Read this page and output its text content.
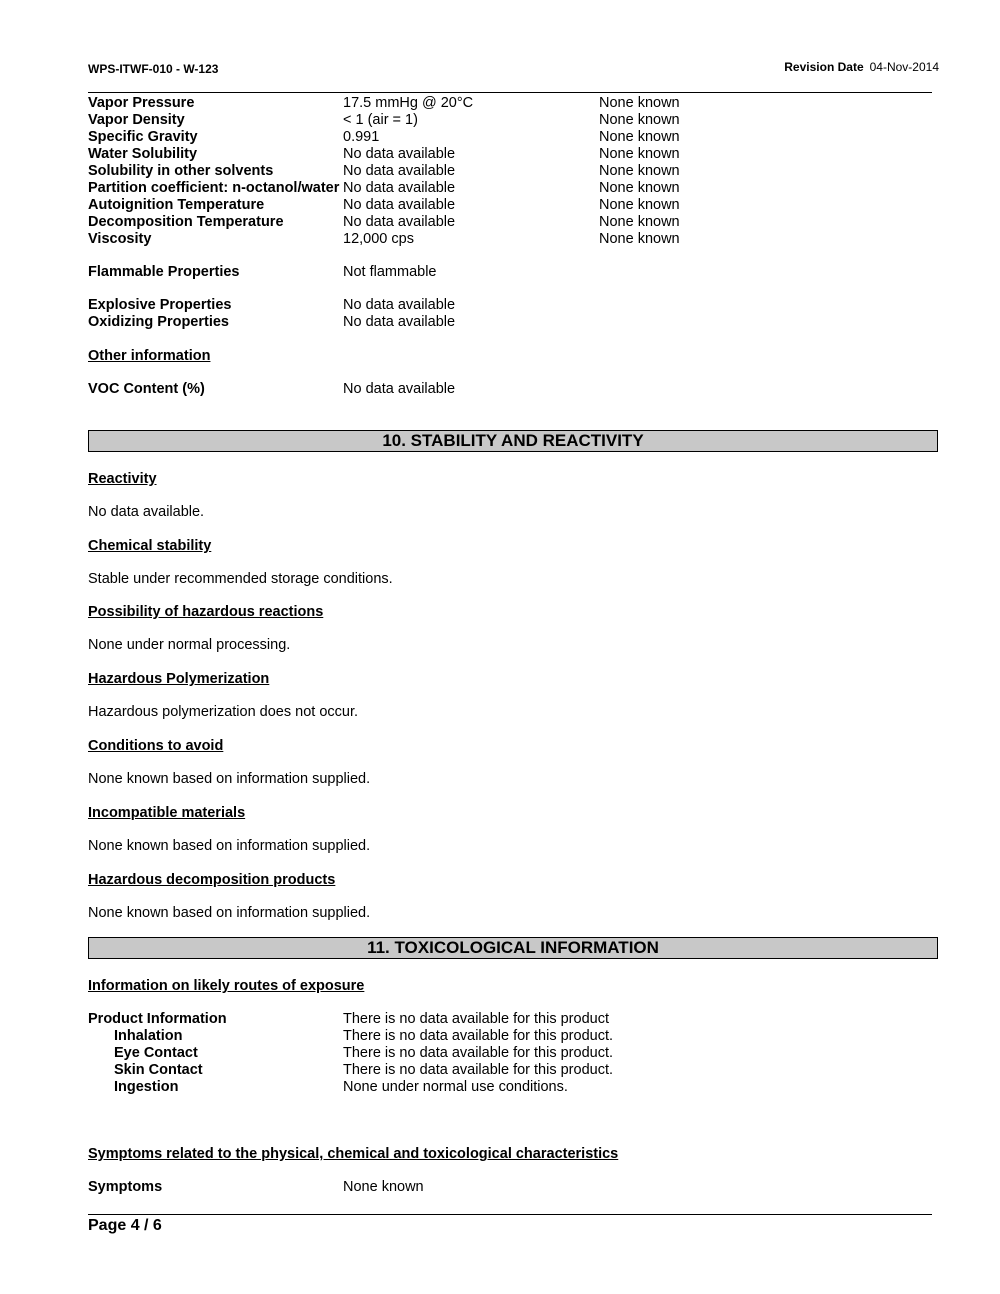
WPS-ITWF-010 - W-123	Revision Date 04-Nov-2014
Vapor Pressure	17.5 mmHg @ 20°C	None known
Vapor Density	< 1 (air = 1)	None known
Specific Gravity	0.991	None known
Water Solubility	No data available	None known
Solubility in other solvents	No data available	None known
Partition coefficient: n-octanol/water No data available	None known
Autoignition Temperature	No data available	None known
Decomposition Temperature	No data available	None known
Viscosity	12,000 cps	None known
Flammable Properties	Not flammable
Explosive Properties	No data available
Oxidizing Properties	No data available
Other information
VOC Content (%)	No data available
10. STABILITY AND REACTIVITY
Reactivity
No data available.
Chemical stability
Stable under recommended storage conditions.
Possibility of hazardous reactions
None under normal processing.
Hazardous Polymerization
Hazardous polymerization does not occur.
Conditions to avoid
None known based on information supplied.
Incompatible materials
None known based on information supplied.
Hazardous decomposition products
None known based on information supplied.
11. TOXICOLOGICAL INFORMATION
Information on likely routes of exposure
Product Information	There is no data available for this product
Inhalation	There is no data available for this product.
Eye Contact	There is no data available for this product.
Skin Contact	There is no data available for this product.
Ingestion	None under normal use conditions.
Symptoms related to the physical, chemical and toxicological characteristics
Symptoms	None known
Page 4 / 6
